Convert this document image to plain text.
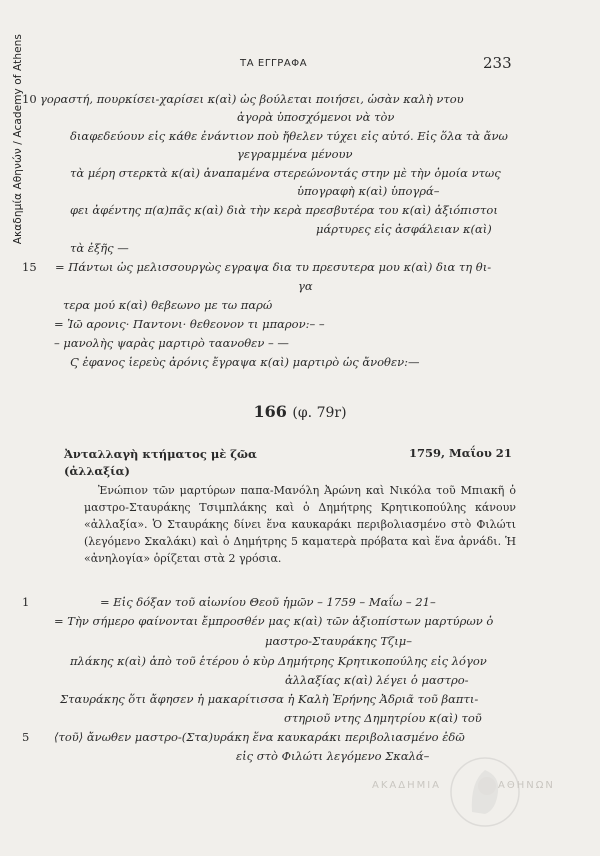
Ακαδημία Αθηνών / Academy of Athens	ΤΑ ΕΓΓΡΑΦΑ	233
10 γοραστή, πουρκίσει-χαρίσει κ(αὶ) ὡς βούλεται ποιήσει, ὡσὰν καλὴ ντου
ἀγορὰ ὑποσχόμενοι νὰ τὸν
διαφεδεύουν εἰς κάθε ἐνάντιον ποὺ ἤθελεν τύχει εἰς αὐτό. Εἰς ὅλα τὰ ἄνω
γεγραμμένα μένουν
τὰ μέρη στερκτὰ κ(αὶ) ἀναπαμένα στερεώνοντάς στην μὲ τὴν ὁμοία ντως
ὑπογραφὴ κ(αὶ) ὑπογρά–
φει ἀφέντης π(α)πᾶς κ(αὶ) διὰ τὴν κερὰ πρεσβυτέρα του κ(αὶ) ἀξιόπιστοι
μάρτυρες εἰς ἀσφάλειαν κ(αὶ)
τὰ ἐξῆς —
15 = Πάντωι ὡς μελισσουργὼς εγραψα δια τυ πρεσυτερα μου κ(αὶ) δια τη θι-
γα
τερα μού κ(αὶ) θεβεωνο με τω παρώ
= Ἰῶ αρονις· Παντονι· θεθεονον τι μπαρον:– –
– μανολὴς ψαρὰς μαρτιρὸ ταανοθεν – —
Ϛ ἐφανος ἱερεὺς ἀρόνις ἔγραψα κ(αὶ) μαρτιρὸ ὡς ἄνοθεν:—
166 (φ. 79r)
Ἀνταλλαγὴ κτήματος μὲ ζῶα
(ἀλλαξία)
1759, Μαΐου 21
Ἐνώπιον τῶν μαρτύρων παπα-Μανόλη Ἀρώνη καὶ Νικόλα τοῦ Μπιακῆ ὁ μαστρο-Σταυράκης Τσιμπλάκης καὶ ὁ Δημήτρης Κρητικοπούλης κάνουν «ἀλλαξία». Ὁ Σταυράκης δίνει ἕνα καυκαράκι περιβολιασμένο στὸ Φιλώτι (λεγόμενο Σκαλάκι) καὶ ὁ Δημήτρης 5 καματερὰ πρόβατα καὶ ἕνα ἀρνάδι. Ἡ «ἀνηλογία» ὁρίζεται στὰ 2 γρόσια.
1	= Εἰς δόξαν τοῦ αἰωνίου Θεοῦ ἡμῶν – 1759 – Μαΐω – 21–
= Τὴν σήμερο φαίνονται ἔμπροσθέν μας κ(αὶ) τῶν ἀξιοπίστων μαρτύρων ὁ
μαστρο-Σταυράκης Τζιμ–
πλάκης κ(αὶ) ἀπὸ τοῦ ἑτέρου ὁ κὺρ Δημήτρης Κρητικοπούλης εἰς λόγον
ἀλλαξίας κ(αὶ) λέγει ὁ μαστρο-
Σταυράκης ὅτι ἄφησεν ἡ μακαρίτισσα ἡ Καλὴ Ἐρήνης Ἀδριᾶ τοῦ βαπτι-
στηριοῦ ντης Δημητρίου κ(αὶ) τοῦ
5 ⟨τοῦ⟩ ἄνωθεν μαστρο-(Στα)υράκη ἕνα καυκαράκι περιβολιασμένο ἐδῶ
εἰς στὸ Φιλώτι λεγόμενο Σκαλά–
ΑΚΑΔΗΜΙΑ	ΑΘΗΝΩΝ
